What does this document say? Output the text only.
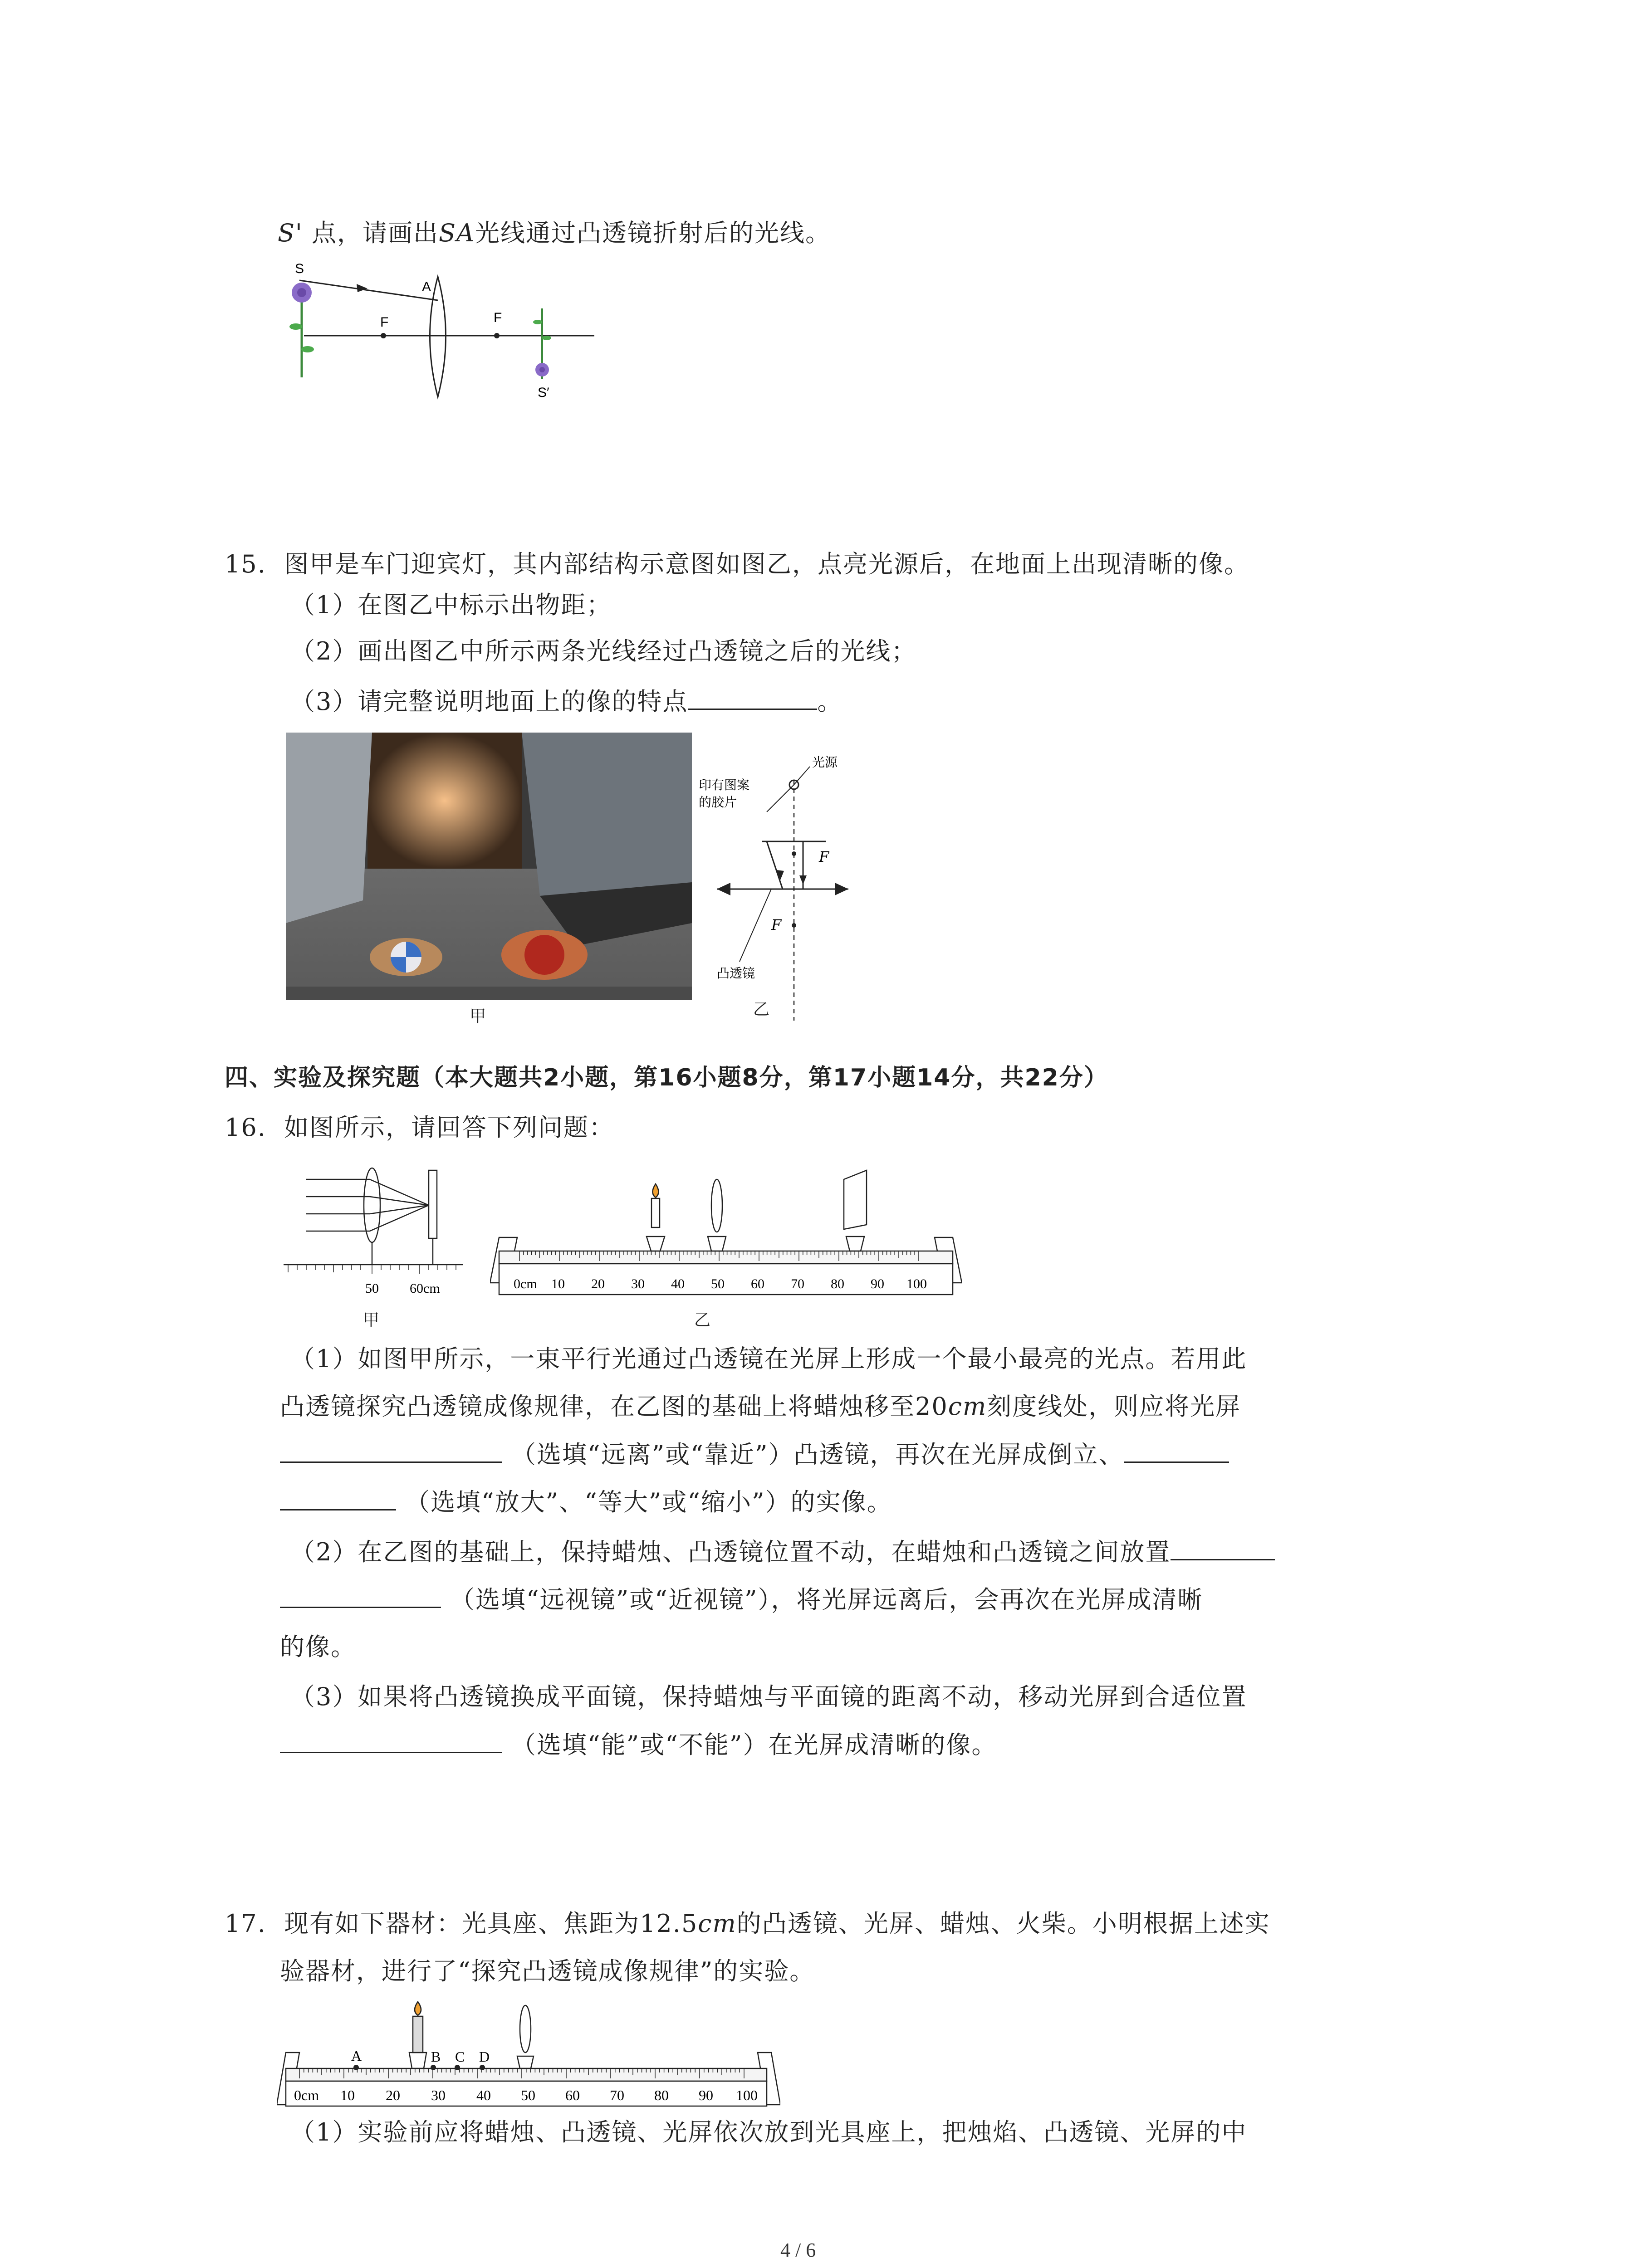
S' 点，请画出SA光线通过凸透镜折射后的光线。
S
A
F	F
S′
15. 图甲是车门迎宾灯，其内部结构示意图如图乙，点亮光源后，在地面上出现清晰的像。
（1）在图乙中标示出物距；
（2）画出图乙中所示两条光线经过凸透镜之后的光线；
（3）请完整说明地面上的像的特点	。
甲
印有图案
的胶片
光源
F
F
凸透镜
乙
四、实验及探究题（本大题共2小题，第16小题8分，第17小题14分，共22分）
16. 如图所示，请回答下列问题：
50 60cm
甲
0cm 10 20 30 40 50 60 70 80 90 100
乙
（1）如图甲所示，一束平行光通过凸透镜在光屏上形成一个最小最亮的光点。若用此
凸透镜探究凸透镜成像规律，在乙图的基础上将蜡烛移至20cm刻度线处，则应将光屏
（选填“远离”或“靠近”）凸透镜，再次在光屏成倒立、
（选填“放大”、“等大”或“缩小”）的实像。
（2）在乙图的基础上，保持蜡烛、凸透镜位置不动，在蜡烛和凸透镜之间放置
（选填“远视镜”或“近视镜”），将光屏远离后，会再次在光屏成清晰
的像。
（3）如果将凸透镜换成平面镜，保持蜡烛与平面镜的距离不动，移动光屏到合适位置
（选填“能”或“不能”）在光屏成清晰的像。
17. 现有如下器材：光具座、焦距为12.5cm的凸透镜、光屏、蜡烛、火柴。小明根据上述实
验器材，进行了“探究凸透镜成像规律”的实验。
A	B C D
0cm 10 20 30 40 50 60 70 80 90 100
（1）实验前应将蜡烛、凸透镜、光屏依次放到光具座上，把烛焰、凸透镜、光屏的中
4 / 6
